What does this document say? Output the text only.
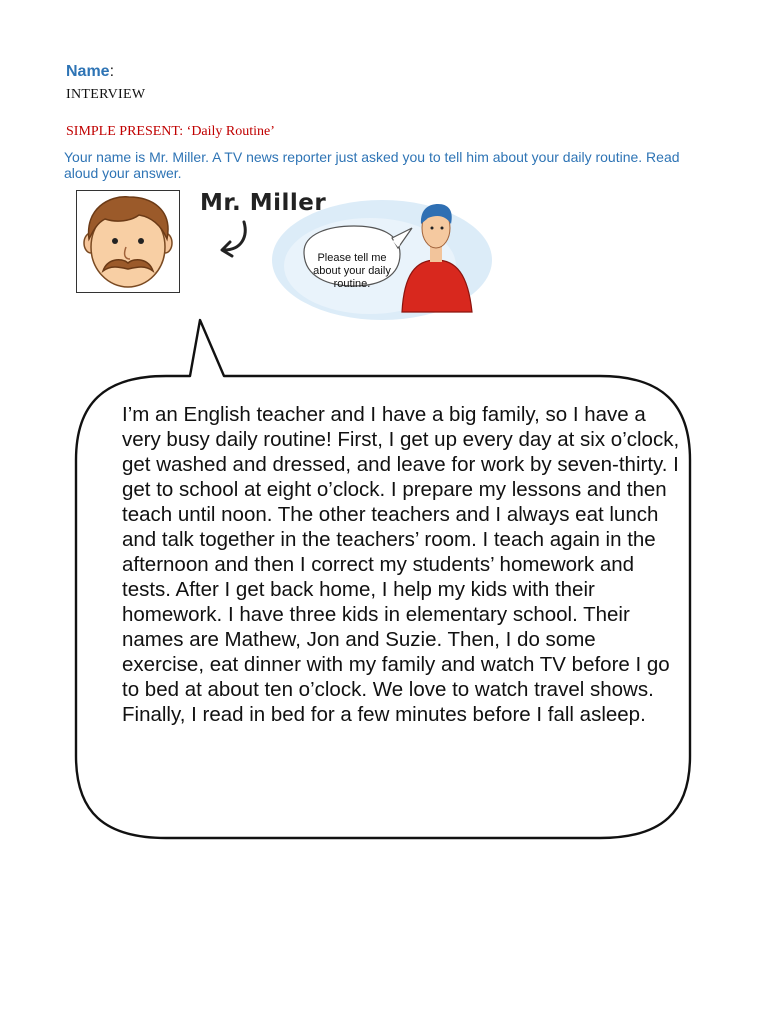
Name:
INTERVIEW
SIMPLE PRESENT: ‘Daily Routine’
Your name is Mr. Miller. A TV news reporter just asked you to tell him about your daily routine. Read aloud your answer.
Mr. Miller
Please tell me about your daily routine.
I’m an English teacher and I have a big family, so I have a very busy daily routine! First, I get up every day at six o’clock, get washed and dressed, and leave for work by seven-thirty. I get to school at eight o’clock. I prepare my lessons and then teach until noon. The other teachers and I always eat lunch and talk together in the teachers’ room. I teach again in the afternoon and then I correct my students’ homework and tests. After I get back home, I help my kids with their homework. I have three kids in elementary school. Their names are Mathew, Jon and Suzie. Then, I do some exercise, eat dinner with my family and watch TV before I go to bed at about ten o’clock. We love to watch travel shows. Finally, I read in bed for a few minutes before I fall asleep.
